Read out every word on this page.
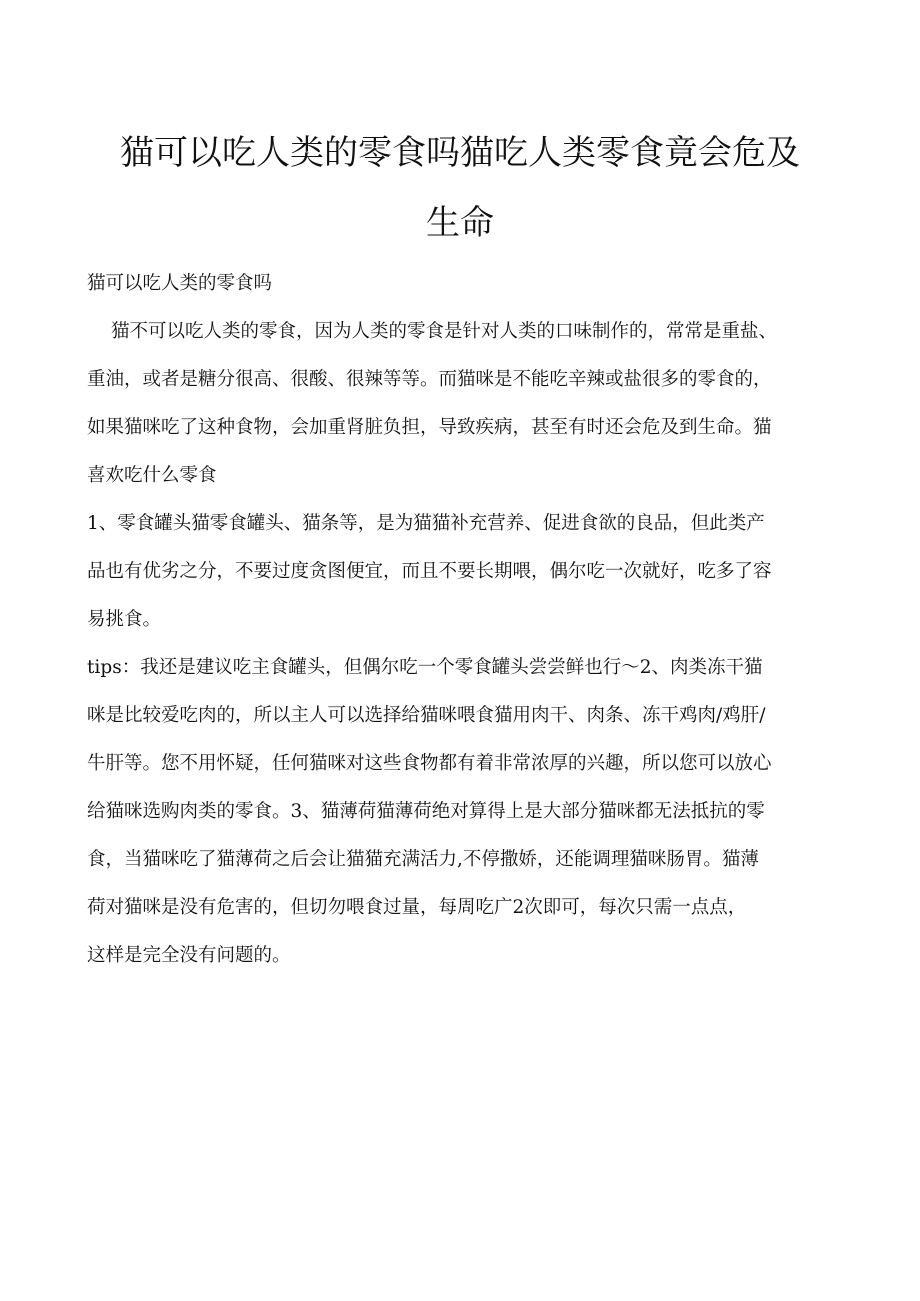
猫可以吃人类的零食吗猫吃人类零食竟会危及
生命
猫可以吃人类的零食吗
猫不可以吃人类的零食，因为人类的零食是针对人类的口味制作的，常常是重盐、
重油，或者是糖分很高、很酸、很辣等等。而猫咪是不能吃辛辣或盐很多的零食的，
如果猫咪吃了这种食物，会加重肾脏负担，导致疾病，甚至有时还会危及到生命。猫
喜欢吃什么零食
1、零食罐头猫零食罐头、猫条等，是为猫猫补充营养、促进食欲的良品，但此类产
品也有优劣之分，不要过度贪图便宜，而且不要长期喂，偶尔吃一次就好，吃多了容
易挑食。
tips：我还是建议吃主食罐头，但偶尔吃一个零食罐头尝尝鲜也行～2、肉类冻干猫
咪是比较爱吃肉的，所以主人可以选择给猫咪喂食猫用肉干、肉条、冻干鸡肉/鸡肝/
牛肝等。您不用怀疑，任何猫咪对这些食物都有着非常浓厚的兴趣，所以您可以放心
给猫咪选购肉类的零食。3、猫薄荷猫薄荷绝对算得上是大部分猫咪都无法抵抗的零
食，当猫咪吃了猫薄荷之后会让猫猫充满活力,不停撒娇，还能调理猫咪肠胃。猫薄
荷对猫咪是没有危害的，但切勿喂食过量，每周吃广2次即可，每次只需一点点，
这样是完全没有问题的。
